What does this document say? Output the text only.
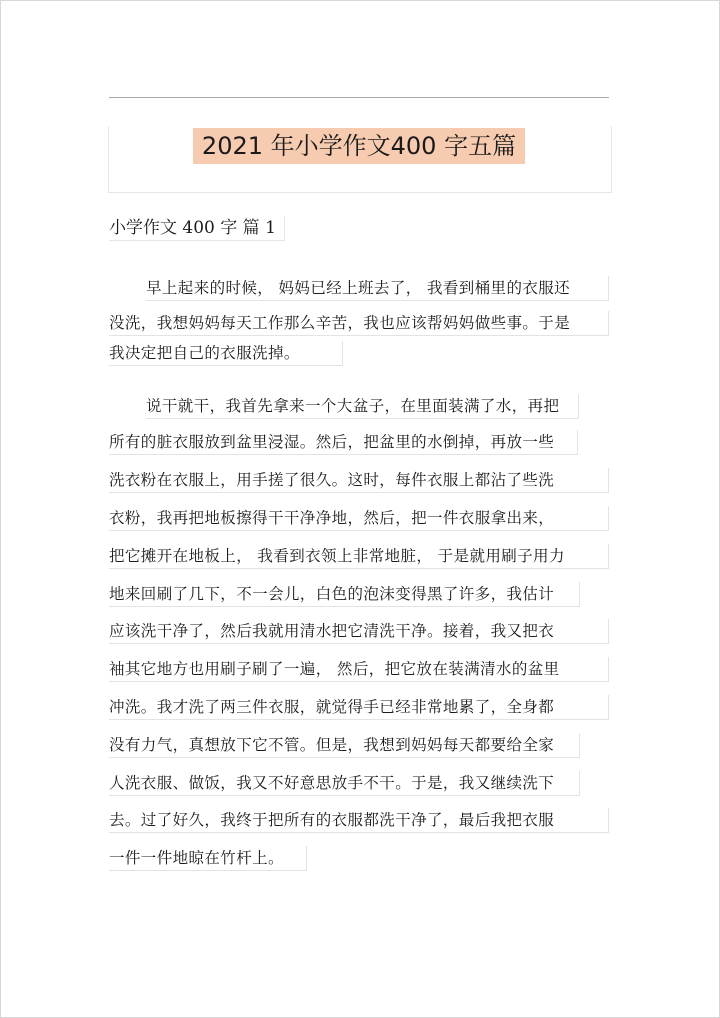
2021 年小学作文400 字五篇
小学作文 400 字 篇 1
早上起来的时候， 妈妈已经上班去了， 我看到桶里的衣服还
没洗，我想妈妈每天工作那么辛苦，我也应该帮妈妈做些事。于是
我决定把自己的衣服洗掉。
说干就干，我首先拿来一个大盆子，在里面装满了水，再把
所有的脏衣服放到盆里浸湿。然后，把盆里的水倒掉，再放一些
洗衣粉在衣服上，用手搓了很久。这时，每件衣服上都沾了些洗
衣粉，我再把地板擦得干干净净地，然后，把一件衣服拿出来，
把它摊开在地板上， 我看到衣领上非常地脏， 于是就用刷子用力
地来回刷了几下，不一会儿，白色的泡沫变得黑了许多，我估计
应该洗干净了，然后我就用清水把它清洗干净。接着，我又把衣
袖其它地方也用刷子刷了一遍， 然后，把它放在装满清水的盆里
冲洗。我才洗了两三件衣服，就觉得手已经非常地累了，全身都
没有力气，真想放下它不管。但是，我想到妈妈每天都要给全家
人洗衣服、做饭，我又不好意思放手不干。于是，我又继续洗下
去。过了好久，我终于把所有的衣服都洗干净了，最后我把衣服
一件一件地晾在竹杆上。
